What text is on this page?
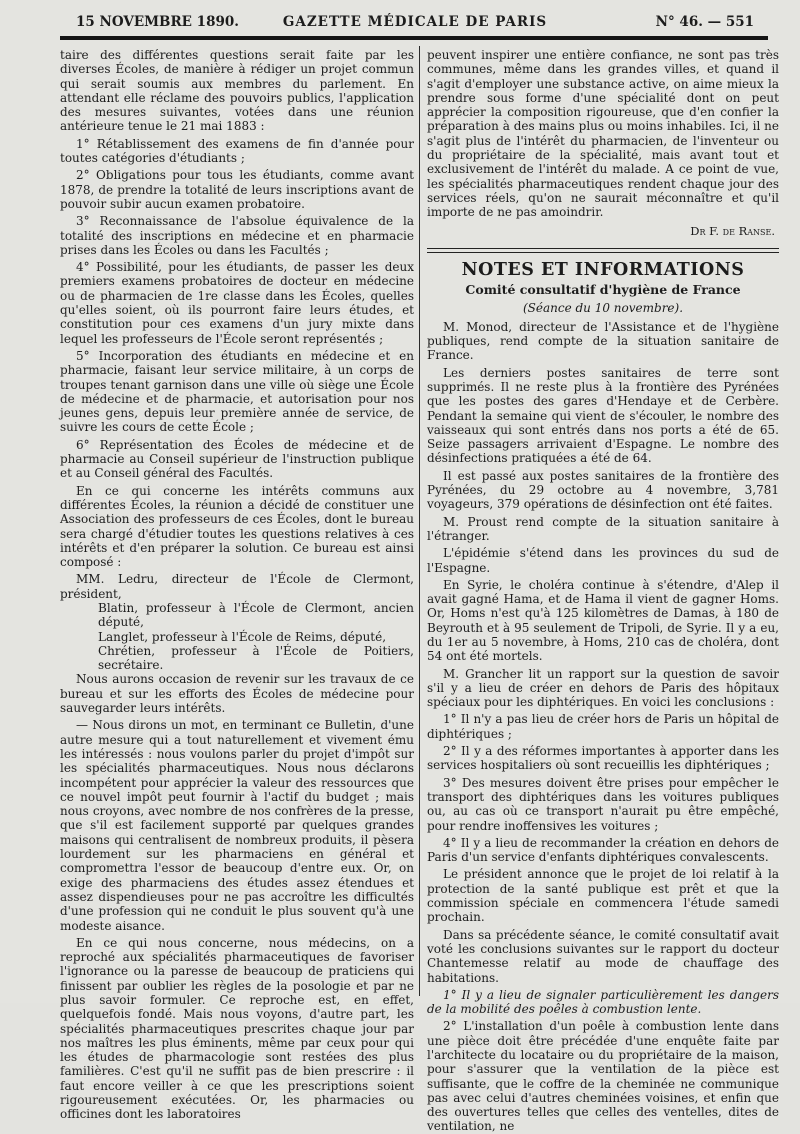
15 NOVEMBRE 1890.	GAZETTE MÉDICALE DE PARIS	N° 46. — 551

taire des différentes questions serait faite par les diverses Écoles, de manière à rédiger un projet commun qui serait soumis aux membres du parlement. En attendant elle réclame des pouvoirs publics, l'application des mesures suivantes, votées dans une réunion antérieure tenue le 21 mai 1883 :

1° Rétablissement des examens de fin d'année pour toutes catégories d'étudiants ;

2° Obligations pour tous les étudiants, comme avant 1878, de prendre la totalité de leurs inscriptions avant de pouvoir subir aucun examen probatoire.

3° Reconnaissance de l'absolue équivalence de la totalité des inscriptions en médecine et en pharmacie prises dans les Écoles ou dans les Facultés ;

4° Possibilité, pour les étudiants, de passer les deux premiers examens probatoires de docteur en médecine ou de pharmacien de 1re classe dans les Écoles, quelles qu'elles soient, où ils pourront faire leurs études, et constitution pour ces examens d'un jury mixte dans lequel les professeurs de l'École seront représentés ;

5° Incorporation des étudiants en médecine et en pharmacie, faisant leur service militaire, à un corps de troupes tenant garnison dans une ville où siège une École de médecine et de pharmacie, et autorisation pour nos jeunes gens, depuis leur première année de service, de suivre les cours de cette École ;

6° Représentation des Écoles de médecine et de pharmacie au Conseil supérieur de l'instruction publique et au Conseil général des Facultés.

En ce qui concerne les intérêts communs aux différentes Écoles, la réunion a décidé de constituer une Association des professeurs de ces Écoles, dont le bureau sera chargé d'étudier toutes les questions relatives à ces intérêts et d'en préparer la solution. Ce bureau est ainsi composé :

MM. Ledru, directeur de l'École de Clermont, président,

Blatin, professeur à l'École de Clermont, ancien député,

Langlet, professeur à l'École de Reims, député,

Chrétien, professeur à l'École de Poitiers, secrétaire.

Nous aurons occasion de revenir sur les travaux de ce bureau et sur les efforts des Écoles de médecine pour sauvegarder leurs intérêts.

— Nous dirons un mot, en terminant ce Bulletin, d'une autre mesure qui a tout naturellement et vivement ému les intéressés : nous voulons parler du projet d'impôt sur les spécialités pharmaceutiques. Nous nous déclarons incompétent pour apprécier la valeur des ressources que ce nouvel impôt peut fournir à l'actif du budget ; mais nous croyons, avec nombre de nos confrères de la presse, que s'il est facilement supporté par quelques grandes maisons qui centralisent de nombreux produits, il pèsera lourdement sur les pharmaciens en général et compromettra l'essor de beaucoup d'entre eux. Or, on exige des pharmaciens des études assez étendues et assez dispendieuses pour ne pas accroître les difficultés d'une profession qui ne conduit le plus souvent qu'à une modeste aisance.

En ce qui nous concerne, nous médecins, on a reproché aux spécialités pharmaceutiques de favoriser l'ignorance ou la paresse de beaucoup de praticiens qui finissent par oublier les règles de la posologie et par ne plus savoir formuler. Ce reproche est, en effet, quelquefois fondé. Mais nous voyons, d'autre part, les spécialités pharmaceutiques prescrites chaque jour par nos maîtres les plus éminents, même par ceux pour qui les études de pharmacologie sont restées des plus familières. C'est qu'il ne suffit pas de bien prescrire : il faut encore veiller à ce que les prescriptions soient rigoureusement exécutées. Or, les pharmacies ou officines dont les laboratoires

peuvent inspirer une entière confiance, ne sont pas très communes, même dans les grandes villes, et quand il s'agit d'employer une substance active, on aime mieux la prendre sous forme d'une spécialité dont on peut apprécier la composition rigoureuse, que d'en confier la préparation à des mains plus ou moins inhabiles. Ici, il ne s'agit plus de l'intérêt du pharmacien, de l'inventeur ou du propriétaire de la spécialité, mais avant tout et exclusivement de l'intérêt du malade. A ce point de vue, les spécialités pharmaceutiques rendent chaque jour des services réels, qu'on ne saurait méconnaître et qu'il importe de ne pas amoindrir.

Dr F. de Ranse.
NOTES ET INFORMATIONS
Comité consultatif d'hygiène de France
(Séance du 10 novembre).

M. Monod, directeur de l'Assistance et de l'hygiène publiques, rend compte de la situation sanitaire de France.

Les derniers postes sanitaires de terre sont supprimés. Il ne reste plus à la frontière des Pyrénées que les postes des gares d'Hendaye et de Cerbère. Pendant la semaine qui vient de s'écouler, le nombre des vaisseaux qui sont entrés dans nos ports a été de 65. Seize passagers arrivaient d'Espagne. Le nombre des désinfections pratiquées a été de 64.

Il est passé aux postes sanitaires de la frontière des Pyrénées, du 29 octobre au 4 novembre, 3,781 voyageurs, 379 opérations de désinfection ont été faites.

M. Proust rend compte de la situation sanitaire à l'étranger.

L'épidémie s'étend dans les provinces du sud de l'Espagne.

En Syrie, le choléra continue à s'étendre, d'Alep il avait gagné Hama, et de Hama il vient de gagner Homs. Or, Homs n'est qu'à 125 kilomètres de Damas, à 180 de Beyrouth et à 95 seulement de Tripoli, de Syrie. Il y a eu, du 1er au 5 novembre, à Homs, 210 cas de choléra, dont 54 ont été mortels.

M. Grancher lit un rapport sur la question de savoir s'il y a lieu de créer en dehors de Paris des hôpitaux spéciaux pour les diphtériques. En voici les conclusions :

1° Il n'y a pas lieu de créer hors de Paris un hôpital de diphtériques ;

2° Il y a des réformes importantes à apporter dans les services hospitaliers où sont recueillis les diphtériques ;

3° Des mesures doivent être prises pour empêcher le transport des diphtériques dans les voitures publiques ou, au cas où ce transport n'aurait pu être empêché, pour rendre inoffensives les voitures ;

4° Il y a lieu de recommander la création en dehors de Paris d'un service d'enfants diphtériques convalescents.

Le président annonce que le projet de loi relatif à la protection de la santé publique est prêt et que la commission spéciale en commencera l'étude samedi prochain.

Dans sa précédente séance, le comité consultatif avait voté les conclusions suivantes sur le rapport du docteur Chantemesse relatif au mode de chauffage des habitations.

1° Il y a lieu de signaler particulièrement les dangers de la mobilité des poêles à combustion lente.

2° L'installation d'un poêle à combustion lente dans une pièce doit être précédée d'une enquête faite par l'architecte du locataire ou du propriétaire de la maison, pour s'assurer que la ventilation de la pièce est suffisante, que le coffre de la cheminée ne communique pas avec celui d'autres cheminées voisines, et enfin que des ouvertures telles que celles des ventelles, dites de ventilation, ne
